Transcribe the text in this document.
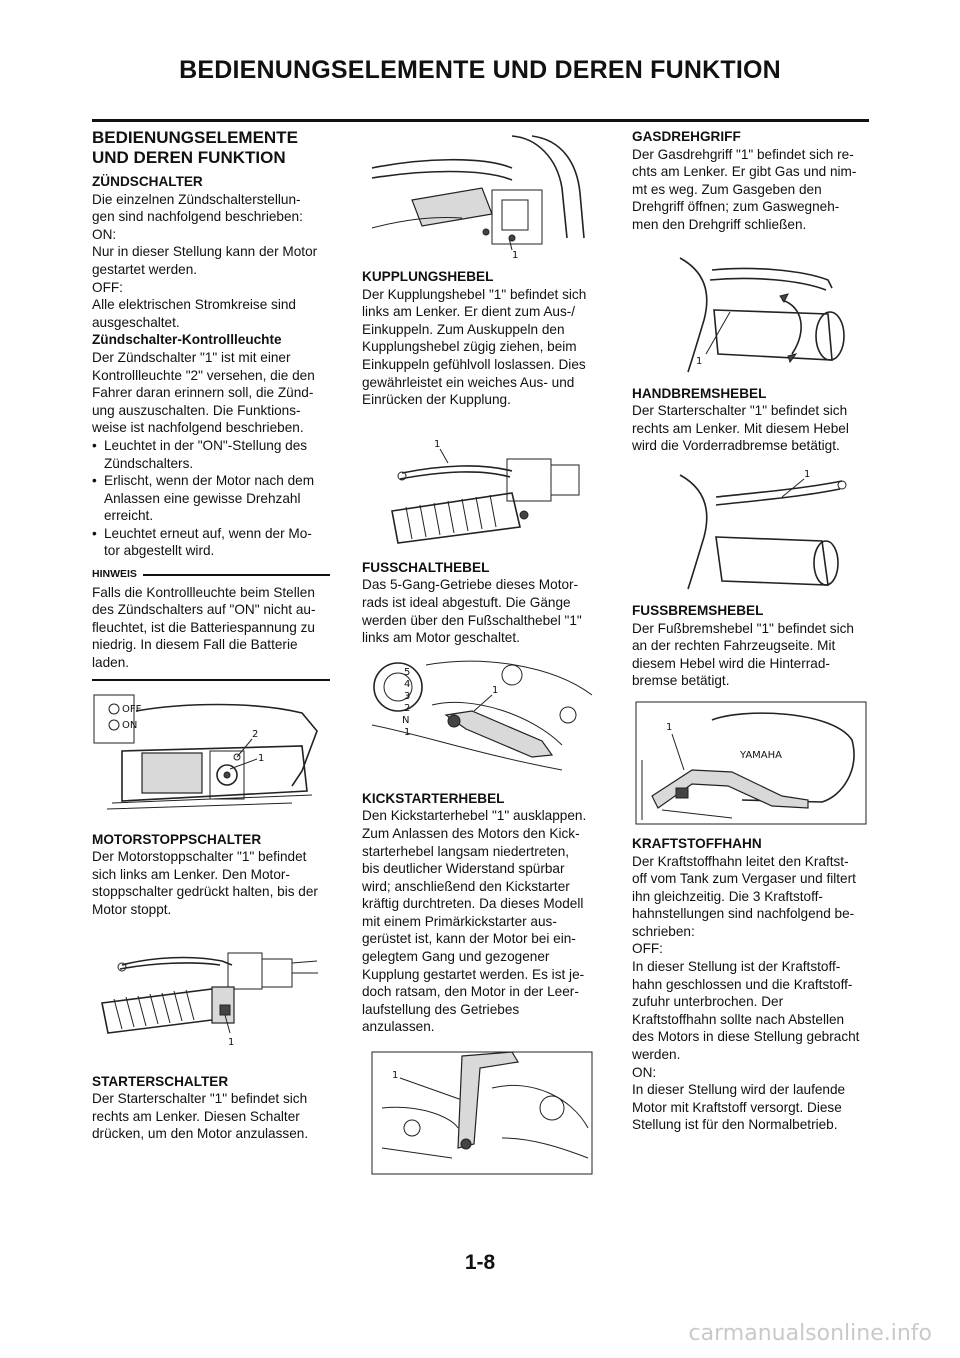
BEDIENUNGSELEMENTE UND DEREN FUNKTION
BEDIENUNGSELEMENTE
UND DEREN FUNKTION
ZÜNDSCHALTER

Die einzelnen Zündschalterstellun-

gen sind nachfolgend beschrieben:

ON:

Nur in dieser Stellung kann der Motor

gestartet werden.

OFF:

Alle elektrischen Stromkreise sind

ausgeschaltet.

Zündschalter-Kontrollleuchte

Der Zündschalter "1" ist mit einer

Kontrollleuchte "2" versehen, die den

Fahrer daran erinnern soll, die Zünd-

ung auszuschalten. Die Funktions-

weise ist nachfolgend beschrieben.

• Leuchtet in der "ON"-Stellung des
Zündschalters.
• Erlischt, wenn der Motor nach dem
Anlassen eine gewisse Drehzahl
erreicht.
• Leuchtet erneut auf, wenn der Mo-
tor abgestellt wird.
HINWEIS

Falls die Kontrollleuchte beim Stellen

des Zündschalters auf "ON" nicht au-

fleuchtet, ist die Batteriespannung zu

niedrig. In diesem Fall die Batterie

laden.

OFF
ON
2
1
MOTORSTOPPSCHALTER

Der Motorstoppschalter "1" befindet

sich links am Lenker. Den Motor-

stoppschalter gedrückt halten, bis der

Motor stoppt.

1
STARTERSCHALTER

Der Starterschalter "1" befindet sich

rechts am Lenker. Diesen Schalter

drücken, um den Motor anzulassen.

1
KUPPLUNGSHEBEL

Der Kupplungshebel "1" befindet sich

links am Lenker. Er dient zum Aus-/

Einkuppeln. Zum Auskuppeln den

Kupplungshebel zügig ziehen, beim

Einkuppeln gefühlvoll loslassen. Dies

gewährleistet ein weiches Aus- und

Einrücken der Kupplung.

1
FUSSCHALTHEBEL

Das 5-Gang-Getriebe dieses Motor-

rads ist ideal abgestuft. Die Gänge

werden über den Fußschalthebel "1"

links am Motor geschaltet.

5
4
3
2
N
1
1
KICKSTARTERHEBEL

Den Kickstarterhebel "1" ausklappen.

Zum Anlassen des Motors den Kick-

starterhebel langsam niedertreten,

bis deutlicher Widerstand spürbar

wird; anschließend den Kickstarter

kräftig durchtreten. Da dieses Modell

mit einem Primärkickstarter aus-

gerüstet ist, kann der Motor bei ein-

gelegtem Gang und gezogener

Kupplung gestartet werden. Es ist je-

doch ratsam, den Motor in der Leer-

laufstellung des Getriebes

anzulassen.

1
GASDREHGRIFF

Der Gasdrehgriff "1" befindet sich re-

chts am Lenker. Er gibt Gas und nim-

mt es weg. Zum Gasgeben den

Drehgriff öffnen; zum Gaswegneh-

men den Drehgriff schließen.

1
HANDBREMSHEBEL

Der Starterschalter "1" befindet sich

rechts am Lenker. Mit diesem Hebel

wird die Vorderradbremse betätigt.

1
FUSSBREMSHEBEL

Der Fußbremshebel "1" befindet sich

an der rechten Fahrzeugseite. Mit

diesem Hebel wird die Hinterrad-

bremse betätigt.

YAMAHA
1
KRAFTSTOFFHAHN

Der Kraftstoffhahn leitet den Kraftst-

off vom Tank zum Vergaser und filtert

ihn gleichzeitig. Die 3 Kraftstoff-

hahnstellungen sind nachfolgend be-

schrieben:

OFF:

In dieser Stellung ist der Kraftstoff-

hahn geschlossen und die Kraftstoff-

zufuhr unterbrochen. Der

Kraftstoffhahn sollte nach Abstellen

des Motors in diese Stellung gebracht

werden.

ON:

In dieser Stellung wird der laufende

Motor mit Kraftstoff versorgt. Diese

Stellung ist für den Normalbetrieb.

1-8
carmanualsonline.info
